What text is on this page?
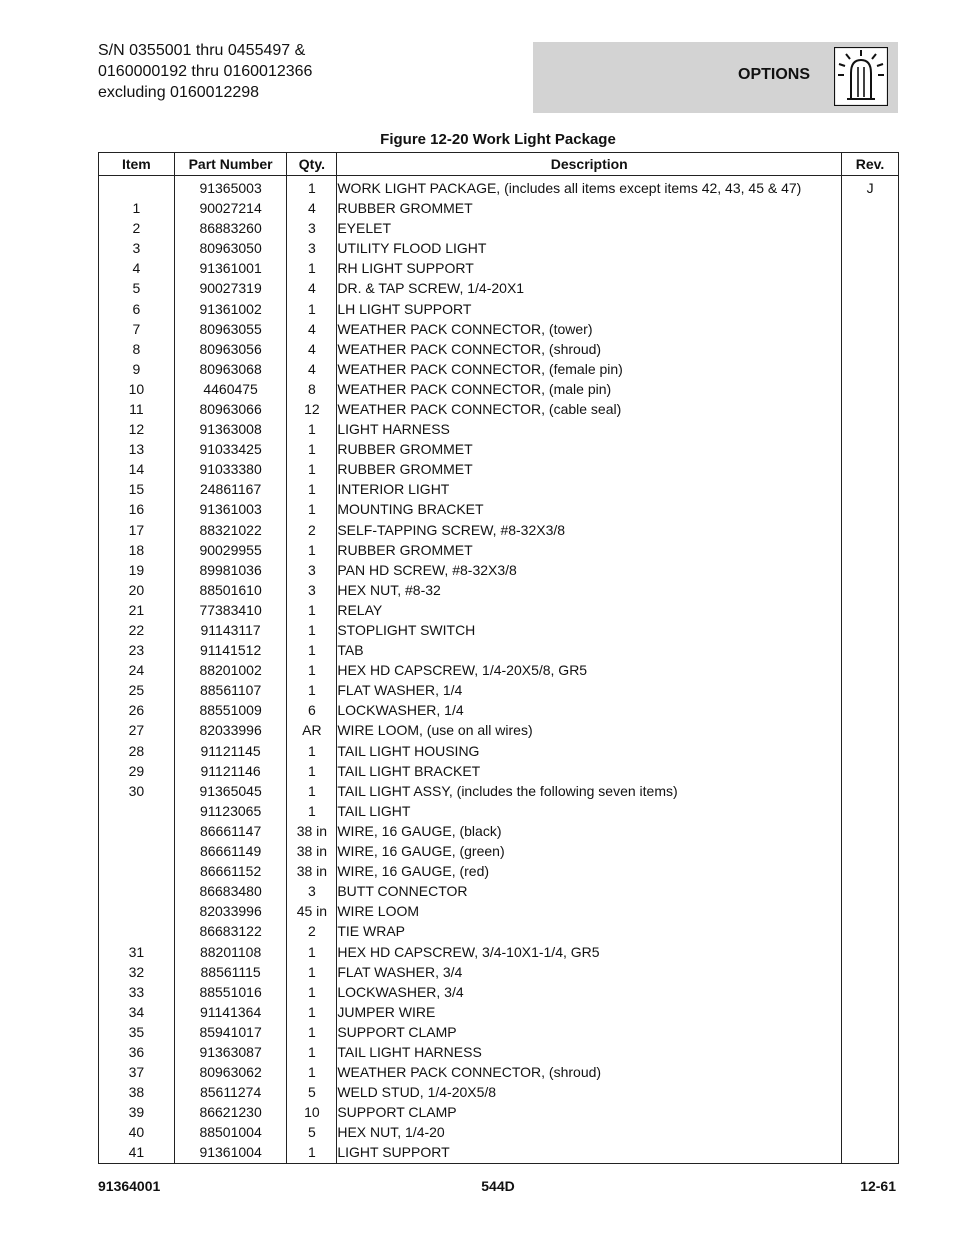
S/N 0355001 thru 0455497 &
0160000192 thru 0160012366
excluding 0160012298
OPTIONS
Figure 12-20 Work Light Package
Item	Part Number	Qty.	Description	Rev.
	91365003	1	WORK LIGHT PACKAGE, (includes all items except items 42, 43, 45 & 47)	J
1	90027214	4	RUBBER GROMMET	
2	86883260	3	EYELET	
3	80963050	3	UTILITY FLOOD LIGHT	
4	91361001	1	RH LIGHT SUPPORT	
5	90027319	4	DR. & TAP SCREW, 1/4-20X1	
6	91361002	1	LH LIGHT SUPPORT	
7	80963055	4	WEATHER PACK CONNECTOR, (tower)	
8	80963056	4	WEATHER PACK CONNECTOR, (shroud)	
9	80963068	4	WEATHER PACK CONNECTOR, (female pin)	
10	4460475	8	WEATHER PACK CONNECTOR, (male pin)	
11	80963066	12	WEATHER PACK CONNECTOR, (cable seal)	
12	91363008	1	LIGHT HARNESS	
13	91033425	1	RUBBER GROMMET	
14	91033380	1	RUBBER GROMMET	
15	24861167	1	INTERIOR LIGHT	
16	91361003	1	MOUNTING BRACKET	
17	88321022	2	SELF-TAPPING SCREW, #8-32X3/8	
18	90029955	1	RUBBER GROMMET	
19	89981036	3	PAN HD SCREW, #8-32X3/8	
20	88501610	3	HEX NUT, #8-32	
21	77383410	1	RELAY	
22	91143117	1	STOPLIGHT SWITCH	
23	91141512	1	TAB	
24	88201002	1	HEX HD CAPSCREW, 1/4-20X5/8, GR5	
25	88561107	1	FLAT WASHER, 1/4	
26	88551009	6	LOCKWASHER, 1/4	
27	82033996	AR	WIRE LOOM, (use on all wires)	
28	91121145	1	TAIL LIGHT HOUSING	
29	91121146	1	TAIL LIGHT BRACKET	
30	91365045	1	TAIL LIGHT ASSY, (includes the following seven items)	
	91123065	1	TAIL LIGHT	
	86661147	38 in	WIRE, 16 GAUGE, (black)	
	86661149	38 in	WIRE, 16 GAUGE, (green)	
	86661152	38 in	WIRE, 16 GAUGE, (red)	
	86683480	3	BUTT CONNECTOR	
	82033996	45 in	WIRE LOOM	
	86683122	2	TIE WRAP	
31	88201108	1	HEX HD CAPSCREW, 3/4-10X1-1/4, GR5	
32	88561115	1	FLAT WASHER, 3/4	
33	88551016	1	LOCKWASHER, 3/4	
34	91141364	1	JUMPER WIRE	
35	85941017	1	SUPPORT CLAMP	
36	91363087	1	TAIL LIGHT HARNESS	
37	80963062	1	WEATHER PACK CONNECTOR, (shroud)	
38	85611274	5	WELD STUD, 1/4-20X5/8	
39	86621230	10	SUPPORT CLAMP	
40	88501004	5	HEX NUT, 1/4-20	
41	91361004	1	LIGHT SUPPORT	
91364001	544D	12-61
